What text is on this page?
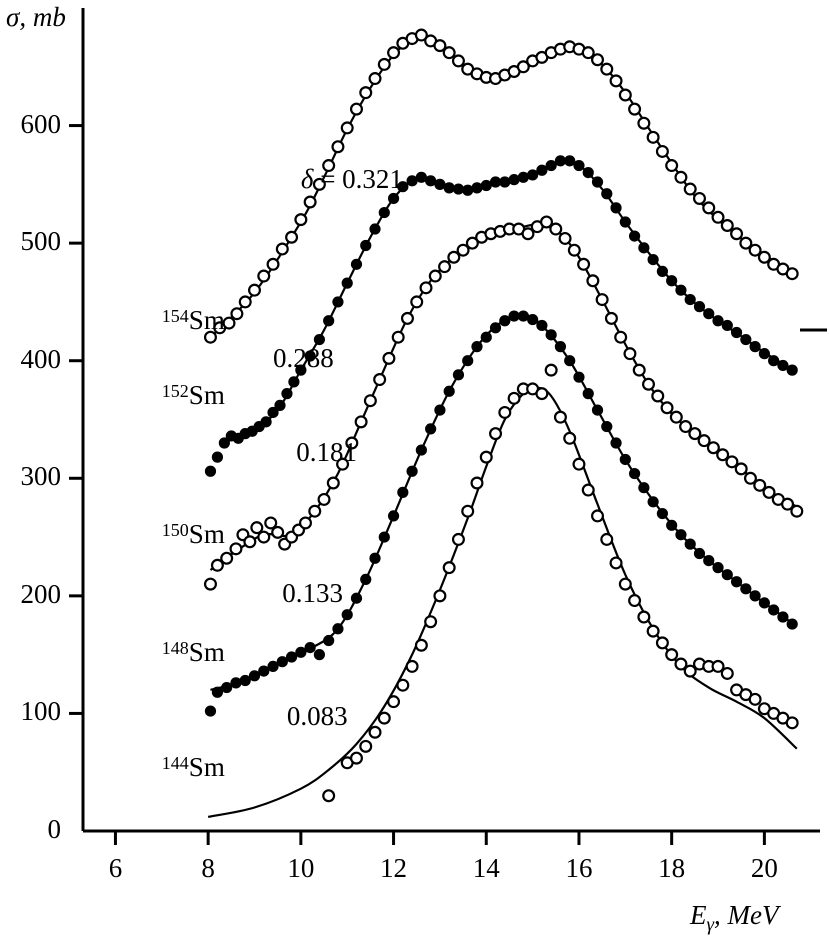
σ, mb
$E_\gamma$, MeV
δ = 0.321
0.288
0.181
0.133
0.083
$^{154}$Sm
$^{152}$Sm
$^{150}$Sm
$^{148}$Sm
$^{144}$Sm
100
200
300
400
500
600
0
6	8	10	12	14	16	18	20
